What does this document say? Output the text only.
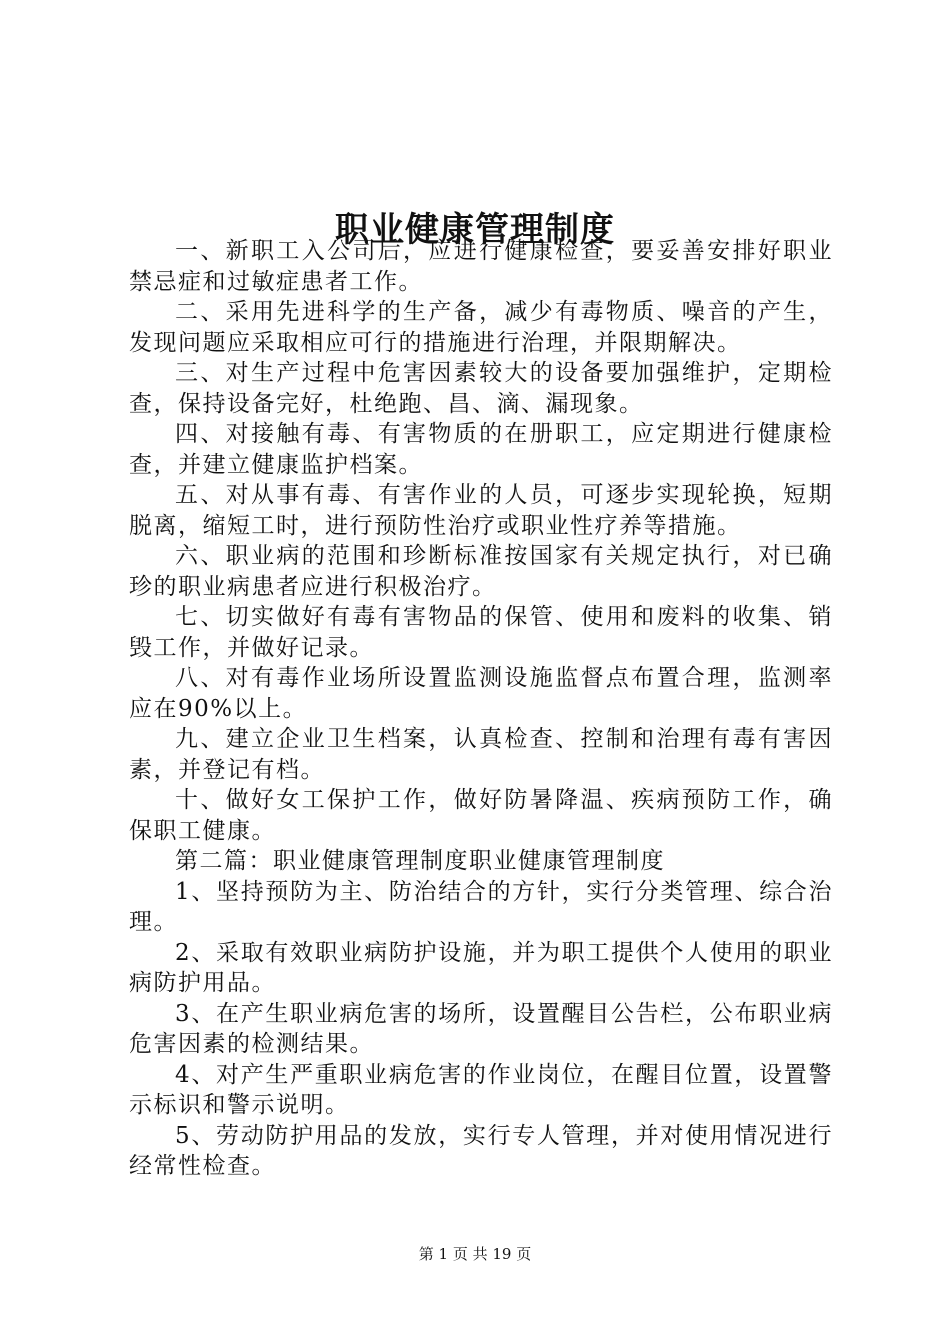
职业健康管理制度

一、新职工入公司后，应进行健康检查，要妥善安排好职业禁忌症和过敏症患者工作。

二、采用先进科学的生产备，减少有毒物质、噪音的产生，发现问题应采取相应可行的措施进行治理，并限期解决。

三、对生产过程中危害因素较大的设备要加强维护，定期检查，保持设备完好，杜绝跑、昌、滴、漏现象。

四、对接触有毒、有害物质的在册职工，应定期进行健康检查，并建立健康监护档案。

五、对从事有毒、有害作业的人员，可逐步实现轮换，短期脱离，缩短工时，进行预防性治疗或职业性疗养等措施。

六、职业病的范围和珍断标准按国家有关规定执行，对已确珍的职业病患者应进行积极治疗。

七、切实做好有毒有害物品的保管、使用和废料的收集、销毁工作，并做好记录。

八、对有毒作业场所设置监测设施监督点布置合理，监测率应在90%以上。

九、建立企业卫生档案，认真检查、控制和治理有毒有害因素，并登记有档。

十、做好女工保护工作，做好防暑降温、疾病预防工作，确保职工健康。

第二篇：职业健康管理制度职业健康管理制度

1、坚持预防为主、防治结合的方针，实行分类管理、综合治理。

2、采取有效职业病防护设施，并为职工提供个人使用的职业病防护用品。

3、在产生职业病危害的场所，设置醒目公告栏，公布职业病危害因素的检测结果。

4、对产生严重职业病危害的作业岗位，在醒目位置，设置警示标识和警示说明。

5、劳动防护用品的发放，实行专人管理，并对使用情况进行经常性检查。

第 1 页 共 19 页
